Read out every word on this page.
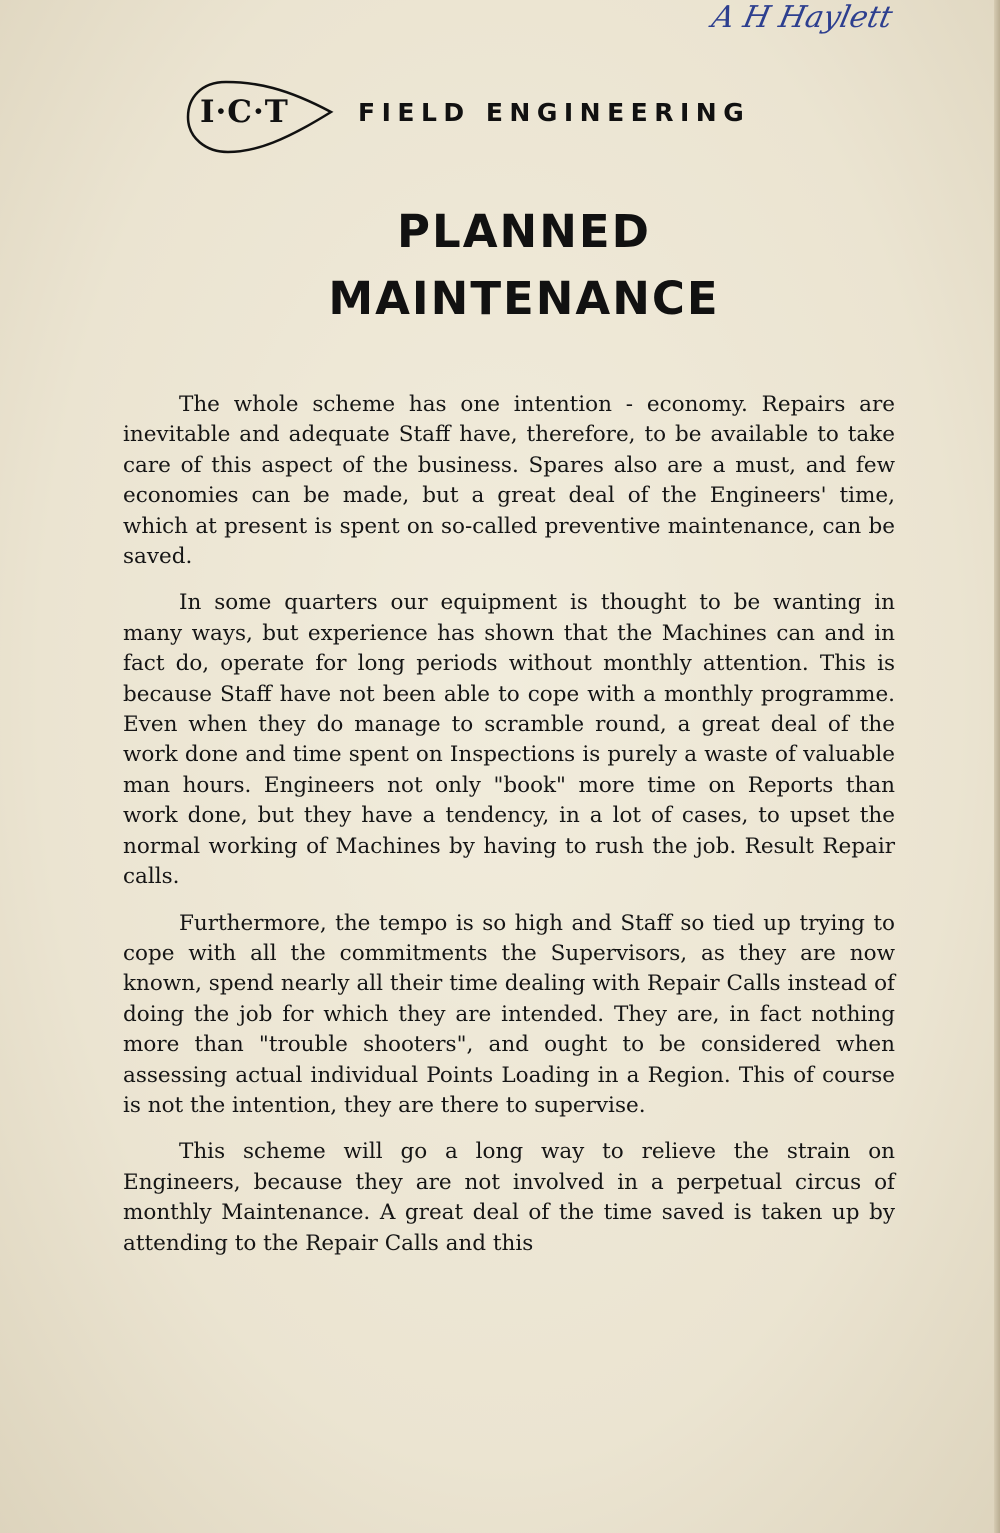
A H Haylett
I·C·T	FIELD ENGINEERING
PLANNED
MAINTENANCE

The whole scheme has one intention - economy. Repairs are inevitable and adequate Staff have, therefore, to be available to take care of this aspect of the business. Spares also are a must, and few economies can be made, but a great deal of the Engineers' time, which at present is spent on so-called preventive maintenance, can be saved.

In some quarters our equipment is thought to be wanting in many ways, but experience has shown that the Machines can and in fact do, operate for long periods without monthly attention. This is because Staff have not been able to cope with a monthly programme. Even when they do manage to scramble round, a great deal of the work done and time spent on Inspections is purely a waste of valuable man hours. Engineers not only "book" more time on Reports than work done, but they have a tendency, in a lot of cases, to upset the normal working of Machines by having to rush the job. Result Repair calls.

Furthermore, the tempo is so high and Staff so tied up trying to cope with all the commitments the Supervisors, as they are now known, spend nearly all their time dealing with Repair Calls instead of doing the job for which they are intended. They are, in fact nothing more than "trouble shooters", and ought to be considered when assessing actual individual Points Loading in a Region. This of course is not the intention, they are there to supervise.

This scheme will go a long way to relieve the strain on Engineers, because they are not involved in a perpetual circus of monthly Maintenance. A great deal of the time saved is taken up by attending to the Repair Calls and this
